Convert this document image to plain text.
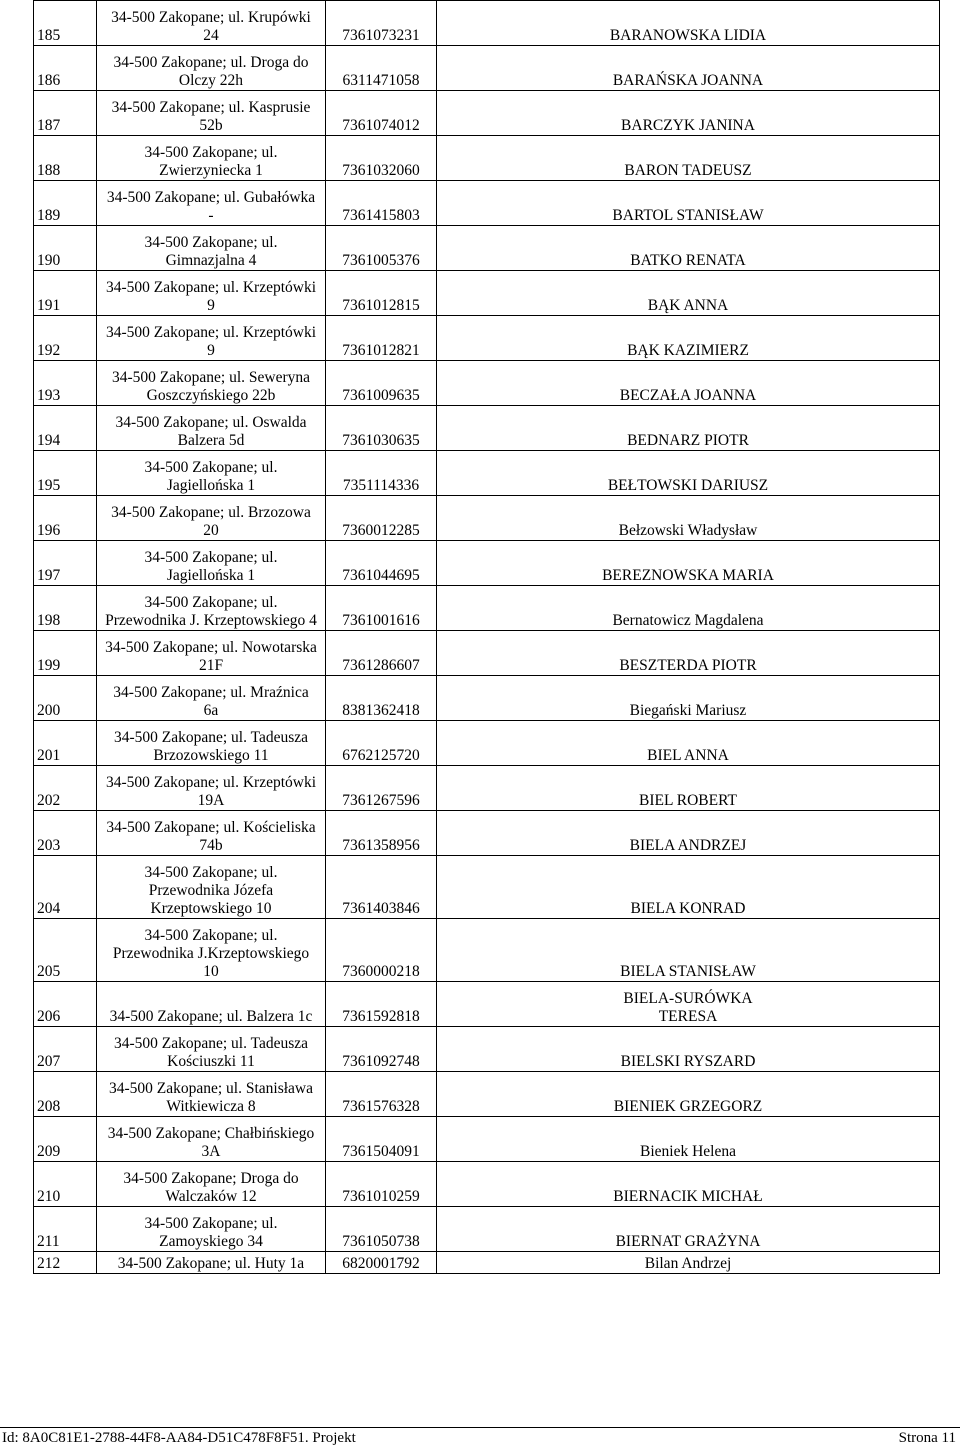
185	34-500 Zakopane; ul. Krupówki
24	7361073231	BARANOWSKA LIDIA

186	34-500 Zakopane; ul. Droga do
Olczy 22h	6311471058	BARAŃSKA JOANNA

187	34-500 Zakopane; ul. Kasprusie
52b	7361074012	BARCZYK JANINA

188	34-500 Zakopane; ul.
Zwierzyniecka 1	7361032060	BARON TADEUSZ

189	34-500 Zakopane; ul. Gubałówka
-	7361415803	BARTOL STANISŁAW

190	34-500 Zakopane; ul.
Gimnazjalna 4	7361005376	BATKO RENATA

191	34-500 Zakopane; ul. Krzeptówki
9	7361012815	BĄK ANNA

192	34-500 Zakopane; ul. Krzeptówki
9	7361012821	BĄK KAZIMIERZ

193	34-500 Zakopane; ul. Seweryna
Goszczyńskiego 22b	7361009635	BECZAŁA JOANNA

194	34-500 Zakopane; ul. Oswalda
Balzera 5d	7361030635	BEDNARZ PIOTR

195	34-500 Zakopane; ul.
Jagiellońska 1	7351114336	BEŁTOWSKI DARIUSZ

196	34-500 Zakopane; ul. Brzozowa
20	7360012285	Bełzowski Władysław

197	34-500 Zakopane; ul.
Jagiellońska 1	7361044695	BEREZNOWSKA MARIA

198	34-500 Zakopane; ul.
Przewodnika J. Krzeptowskiego 4	7361001616	Bernatowicz Magdalena

199	34-500 Zakopane; ul. Nowotarska
21F	7361286607	BESZTERDA PIOTR

200	34-500 Zakopane; ul. Mraźnica
6a	8381362418	Biegański Mariusz

201	34-500 Zakopane; ul. Tadeusza
Brzozowskiego 11	6762125720	BIEL ANNA

202	34-500 Zakopane; ul. Krzeptówki
19A	7361267596	BIEL ROBERT

203	34-500 Zakopane; ul. Kościeliska
74b	7361358956	BIELA ANDRZEJ

204	34-500 Zakopane; ul.
Przewodnika Józefa
Krzeptowskiego 10	7361403846	BIELA KONRAD

205	34-500 Zakopane; ul.
Przewodnika J.Krzeptowskiego
10	7360000218	BIELA STANISŁAW

206	34-500 Zakopane; ul. Balzera 1c	7361592818	BIELA-SURÓWKA
TERESA

207	34-500 Zakopane; ul. Tadeusza
Kościuszki 11	7361092748	BIELSKI RYSZARD

208	34-500 Zakopane; ul. Stanisława
Witkiewicza 8	7361576328	BIENIEK GRZEGORZ

209	34-500 Zakopane; Chałbińskiego
3A	7361504091	Bieniek Helena

210	34-500 Zakopane; Droga do
Walczaków 12	7361010259	BIERNACIK MICHAŁ

211	34-500 Zakopane; ul.
Zamoyskiego 34	7361050738	BIERNAT GRAŻYNA

212	34-500 Zakopane; ul. Huty 1a	6820001792	Bilan Andrzej
Id: 8A0C81E1-2788-44F8-AA84-D51C478F8F51. Projekt	Strona 11
